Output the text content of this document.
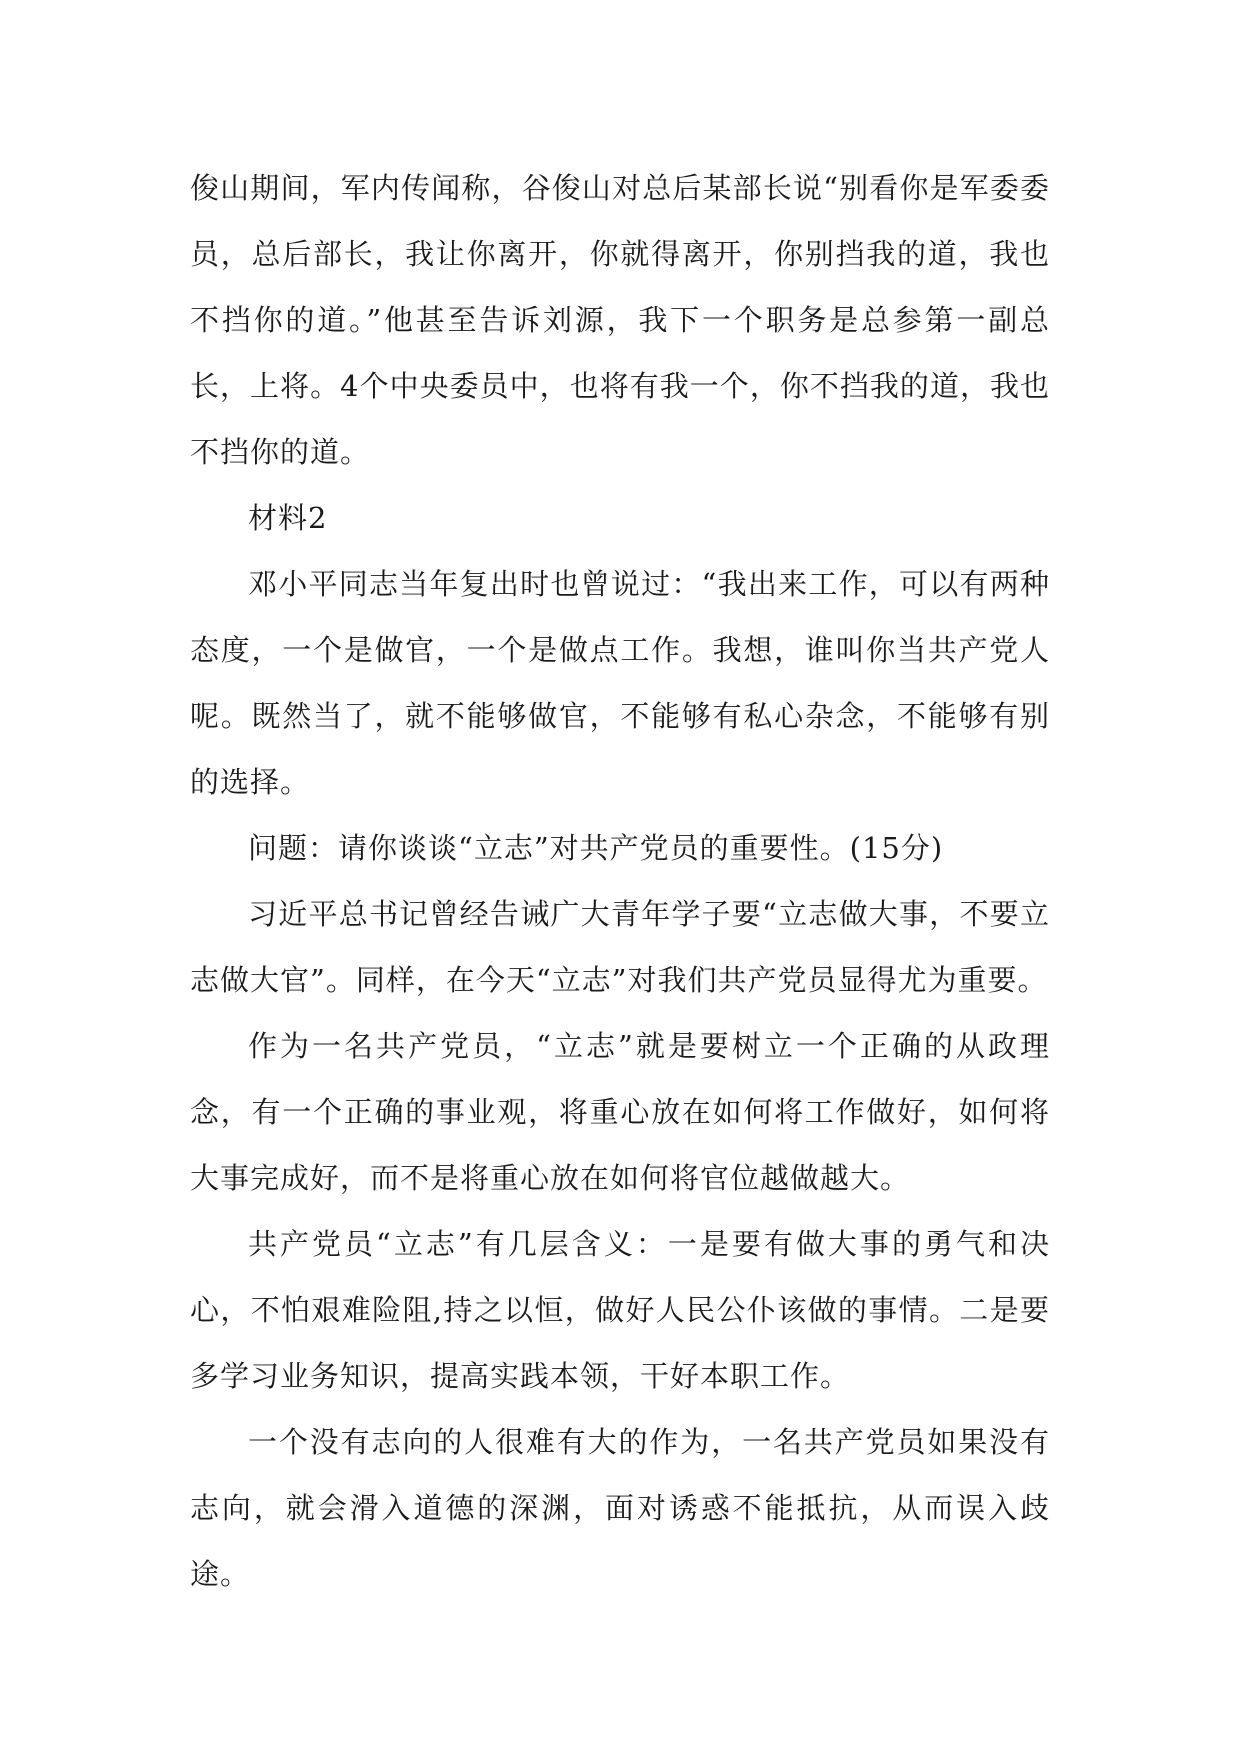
俊山期间，军内传闻称，谷俊山对总后某部长说“别看你是军委委员，总后部长，我让你离开，你就得离开，你别挡我的道，我也不挡你的道。”他甚至告诉刘源，我下一个职务是总参第一副总长，上将。4个中央委员中，也将有我一个，你不挡我的道，我也不挡你的道。

材料2

邓小平同志当年复出时也曾说过：“我出来工作，可以有两种态度，一个是做官，一个是做点工作。我想，谁叫你当共产党人呢。既然当了，就不能够做官，不能够有私心杂念，不能够有别的选择。

问题：请你谈谈“立志”对共产党员的重要性。(15分)

习近平总书记曾经告诫广大青年学子要“立志做大事，不要立志做大官”。同样，在今天“立志”对我们共产党员显得尤为重要。

作为一名共产党员，“立志”就是要树立一个正确的从政理念，有一个正确的事业观，将重心放在如何将工作做好，如何将大事完成好，而不是将重心放在如何将官位越做越大。

共产党员“立志”有几层含义：一是要有做大事的勇气和决心，不怕艰难险阻,持之以恒，做好人民公仆该做的事情。二是要多学习业务知识，提高实践本领，干好本职工作。

一个没有志向的人很难有大的作为，一名共产党员如果没有志向，就会滑入道德的深渊，面对诱惑不能抵抗，从而误入歧途。
